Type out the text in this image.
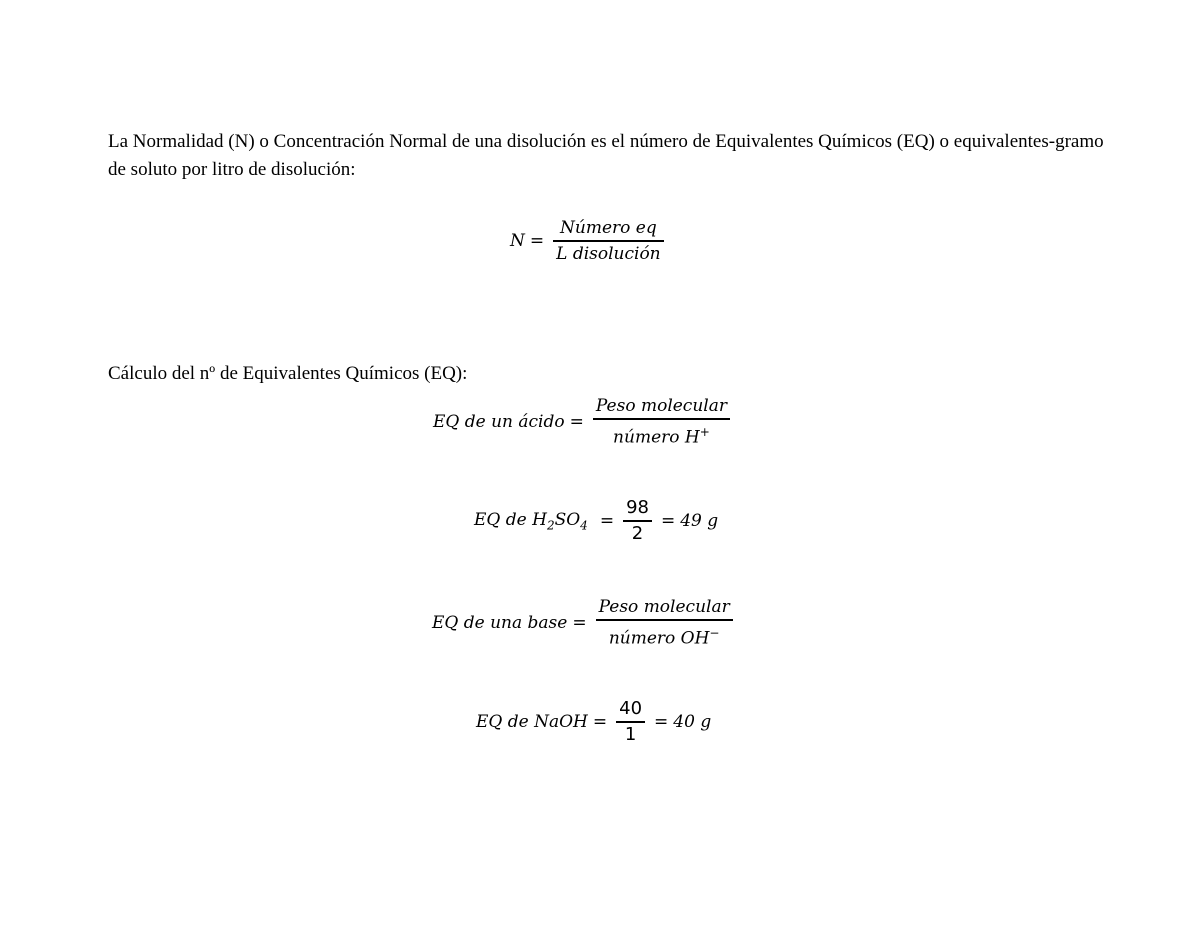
La Normalidad (N) o Concentración Normal de una disolución es el número de Equivalentes Químicos (EQ) o equivalentes-gramo de soluto por litro de disolución:

$N = \frac{\text{Número eq}}{\text{L disolución}}$

Cálculo del nº de Equivalentes Químicos (EQ):

EQ de un ácido = $\frac{\text{Peso molecular}}{número H^+}$
EQ de $H_2SO_4 = \frac{98}{2} = 49$ g
EQ de una base = $\frac{\text{Peso molecular}}{número OH^-}$
EQ de NaOH = $\frac{40}{1} = 40$ g
